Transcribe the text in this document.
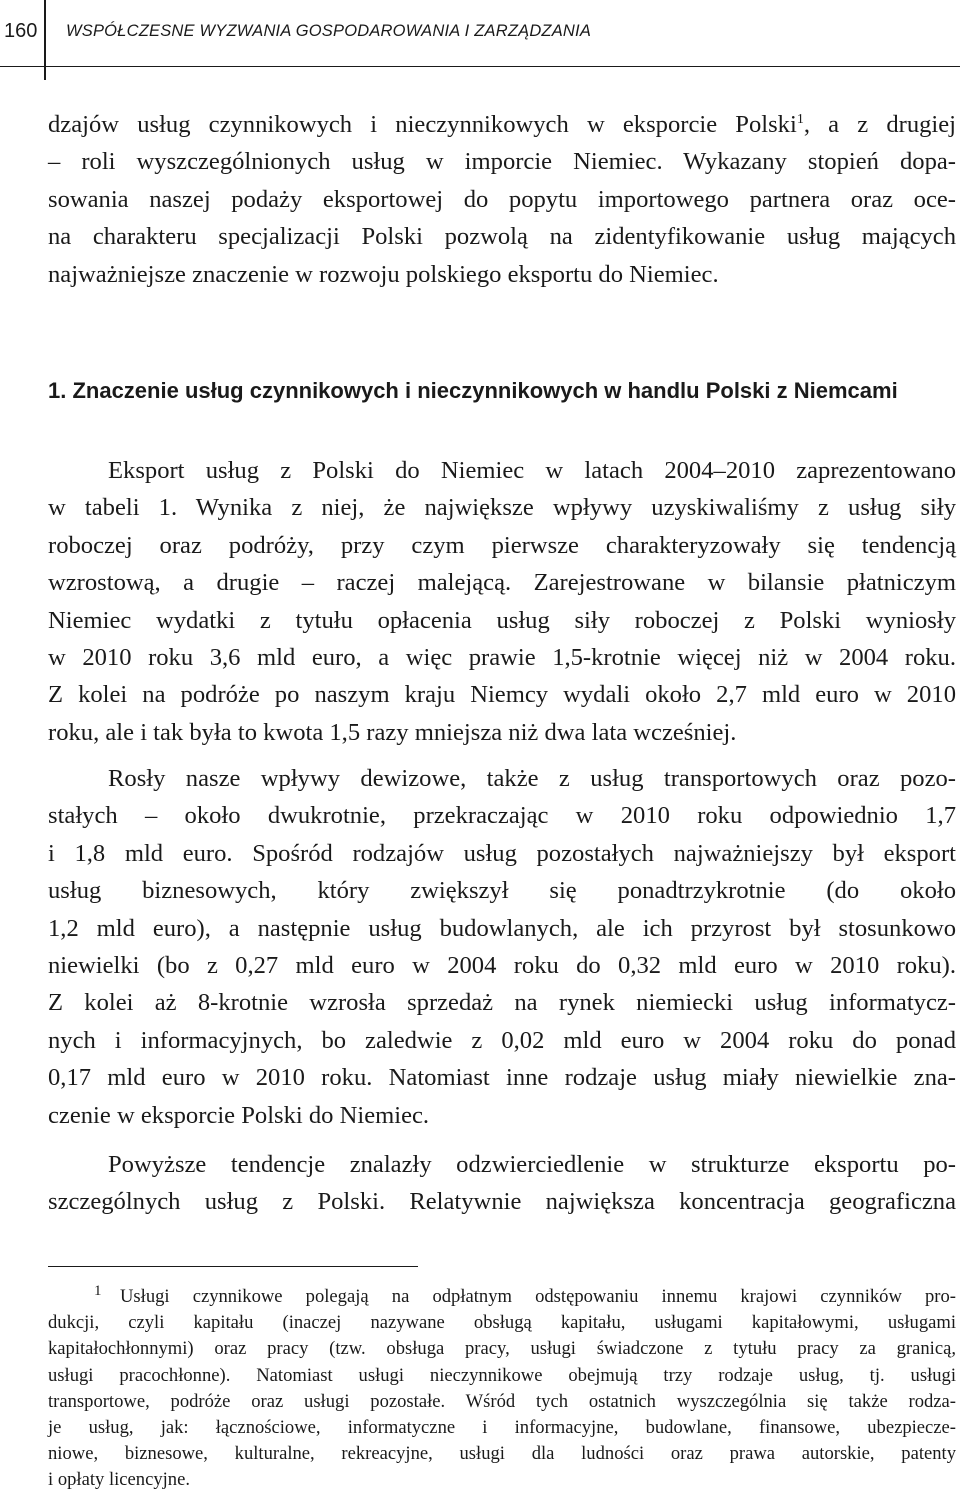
160 WSPÓŁCZESNE WYZWANIA GOSPODAROWANIA I ZARZĄDZANIA
dzajów usług czynnikowych i nieczynnikowych w eksporcie Polski$^1$, a z drugiej
– roli wyszczególnionych usług w imporcie Niemiec. Wykazany stopień dopa-
sowania naszej podaży eksportowej do popytu importowego partnera oraz oce-
na charakteru specjalizacji Polski pozwolą na zidentyfikowanie usług mających
najważniejsze znaczenie w rozwoju polskiego eksportu do Niemiec.
1. Znaczenie usług czynnikowych i nieczynnikowych w handlu Polski z Niemcami
Eksport usług z Polski do Niemiec w latach 2004–2010 zaprezentowano
w tabeli 1. Wynika z niej, że największe wpływy uzyskiwaliśmy z usług siły
roboczej oraz podróży, przy czym pierwsze charakteryzowały się tendencją
wzrostową, a drugie – raczej malejącą. Zarejestrowane w bilansie płatniczym
Niemiec wydatki z tytułu opłacenia usług siły roboczej z Polski wyniosły
w 2010 roku 3,6 mld euro, a więc prawie 1,5-krotnie więcej niż w 2004 roku.
Z kolei na podróże po naszym kraju Niemcy wydali około 2,7 mld euro w 2010
roku, ale i tak była to kwota 1,5 razy mniejsza niż dwa lata wcześniej.
Rosły nasze wpływy dewizowe, także z usług transportowych oraz pozo-
stałych – około dwukrotnie, przekraczając w 2010 roku odpowiednio 1,7
i 1,8 mld euro. Spośród rodzajów usług pozostałych najważniejszy był eksport
usług biznesowych, który zwiększył się ponadtrzykrotnie (do około
1,2 mld euro), a następnie usług budowlanych, ale ich przyrost był stosunkowo
niewielki (bo z 0,27 mld euro w 2004 roku do 0,32 mld euro w 2010 roku).
Z kolei aż 8-krotnie wzrosła sprzedaż na rynek niemiecki usług informatycz-
nych i informacyjnych, bo zaledwie z 0,02 mld euro w 2004 roku do ponad
0,17 mld euro w 2010 roku. Natomiast inne rodzaje usług miały niewielkie zna-
czenie w eksporcie Polski do Niemiec.
Powyższe tendencje znalazły odzwierciedlenie w strukturze eksportu po-
szczególnych usług z Polski. Relatywnie największa koncentracja geograficzna
1 Usługi czynnikowe polegają na odpłatnym odstępowaniu innemu krajowi czynników pro-
dukcji, czyli kapitału (inaczej nazywane obsługą kapitału, usługami kapitałowymi, usługami
kapitałochłonnymi) oraz pracy (tzw. obsługa pracy, usługi świadczone z tytułu pracy za granicą,
usługi pracochłonne). Natomiast usługi nieczynnikowe obejmują trzy rodzaje usług, tj. usługi
transportowe, podróże oraz usługi pozostałe. Wśród tych ostatnich wyszczególnia się także rodza-
je usług, jak: łącznościowe, informatyczne i informacyjne, budowlane, finansowe, ubezpiecze-
niowe, biznesowe, kulturalne, rekreacyjne, usługi dla ludności oraz prawa autorskie, patenty
i opłaty licencyjne.
